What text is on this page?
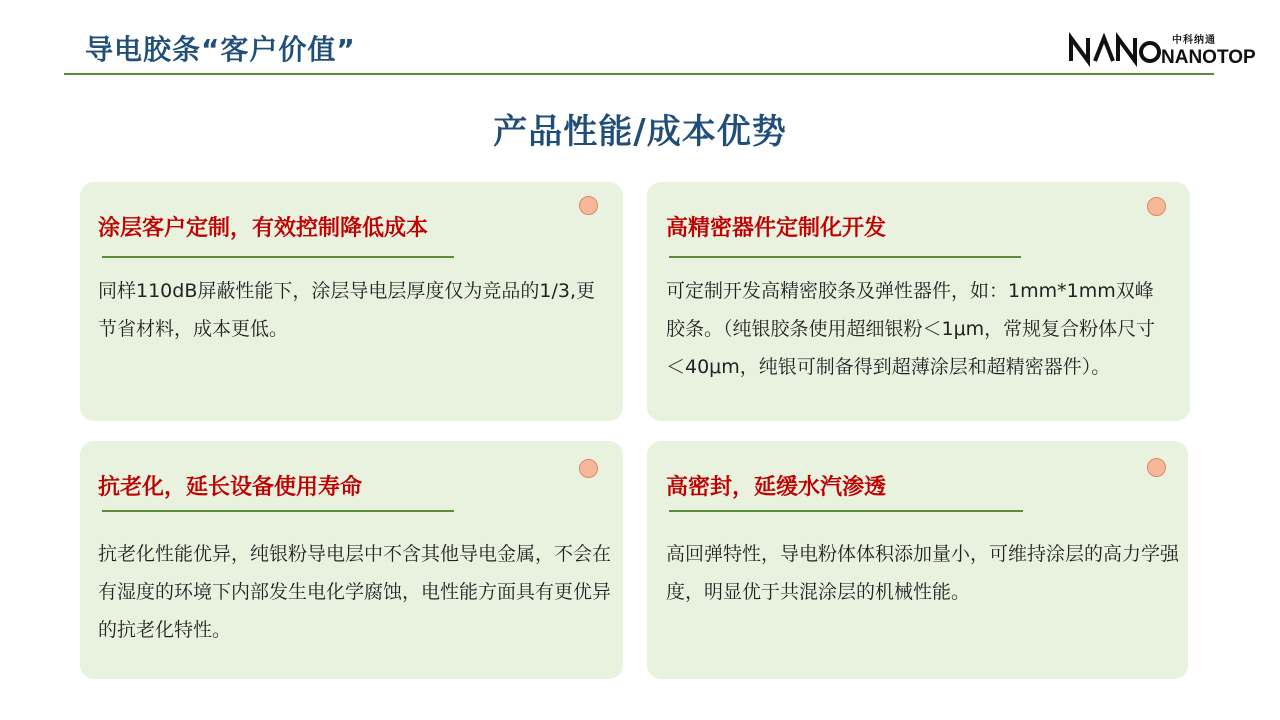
导电胶条“客户价值”	NANOTOP
中科纳通
产品性能/成本优势
涂层客户定制，有效控制降低成本
同样110dB屏蔽性能下，涂层导电层厚度仅为竞品的1/3,更节省材料，成本更低。
高精密器件定制化开发
可定制开发高精密胶条及弹性器件，如：1mm*1mm双峰胶条。（纯银胶条使用超细银粉＜1μm，常规复合粉体尺寸＜40μm，纯银可制备得到超薄涂层和超精密器件）。
抗老化，延长设备使用寿命
抗老化性能优异，纯银粉导电层中不含其他导电金属，不会在有湿度的环境下内部发生电化学腐蚀，电性能方面具有更优异的抗老化特性。
高密封，延缓水汽渗透
高回弹特性，导电粉体体积添加量小，可维持涂层的高力学强度，明显优于共混涂层的机械性能。
